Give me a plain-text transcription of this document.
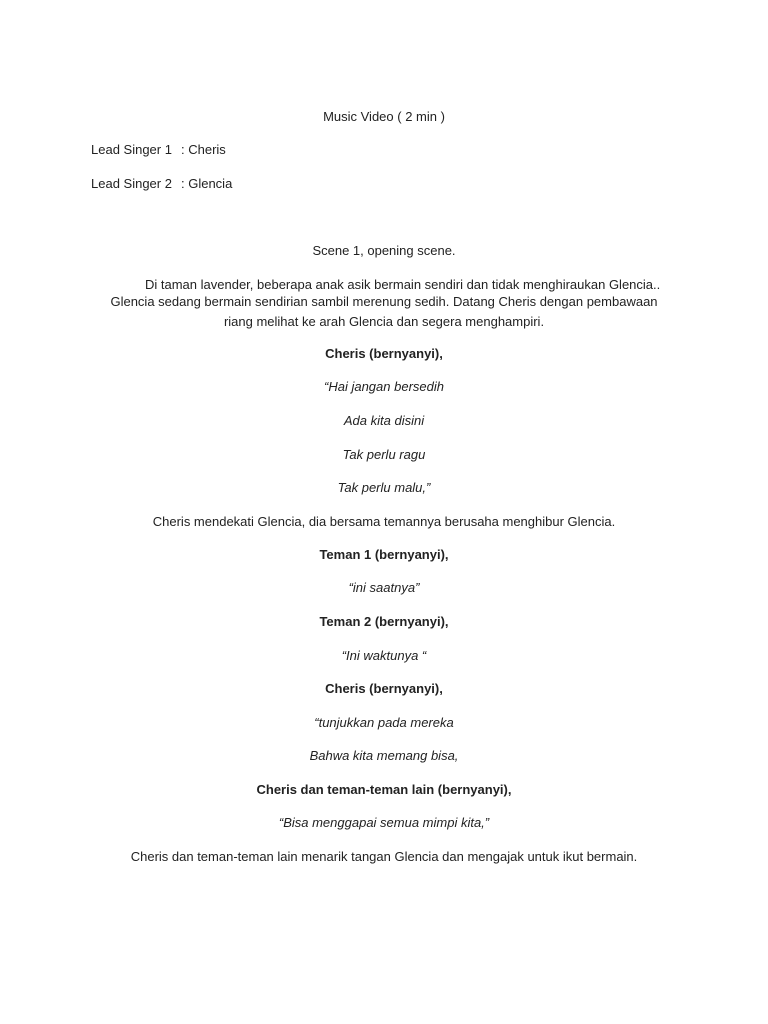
Music Video ( 2 min )
Lead Singer 1 : Cheris
Lead Singer 2 : Glencia
Scene 1, opening scene.
Di taman lavender, beberapa anak asik bermain sendiri dan tidak menghiraukan Glencia..
Glencia sedang bermain sendirian sambil merenung sedih. Datang Cheris dengan pembawaan
riang melihat ke arah Glencia dan segera menghampiri.
Cheris (bernyanyi),
“Hai jangan bersedih
Ada kita disini
Tak perlu ragu
Tak perlu malu,”
Cheris mendekati Glencia, dia bersama temannya berusaha menghibur Glencia.
Teman 1 (bernyanyi),
“ini saatnya”
Teman 2 (bernyanyi),
“Ini waktunya “
Cheris (bernyanyi),
“tunjukkan pada mereka
Bahwa kita memang bisa,
Cheris dan teman-teman lain (bernyanyi),
“Bisa menggapai semua mimpi kita,”
Cheris dan teman-teman lain menarik tangan Glencia dan mengajak untuk ikut bermain.
